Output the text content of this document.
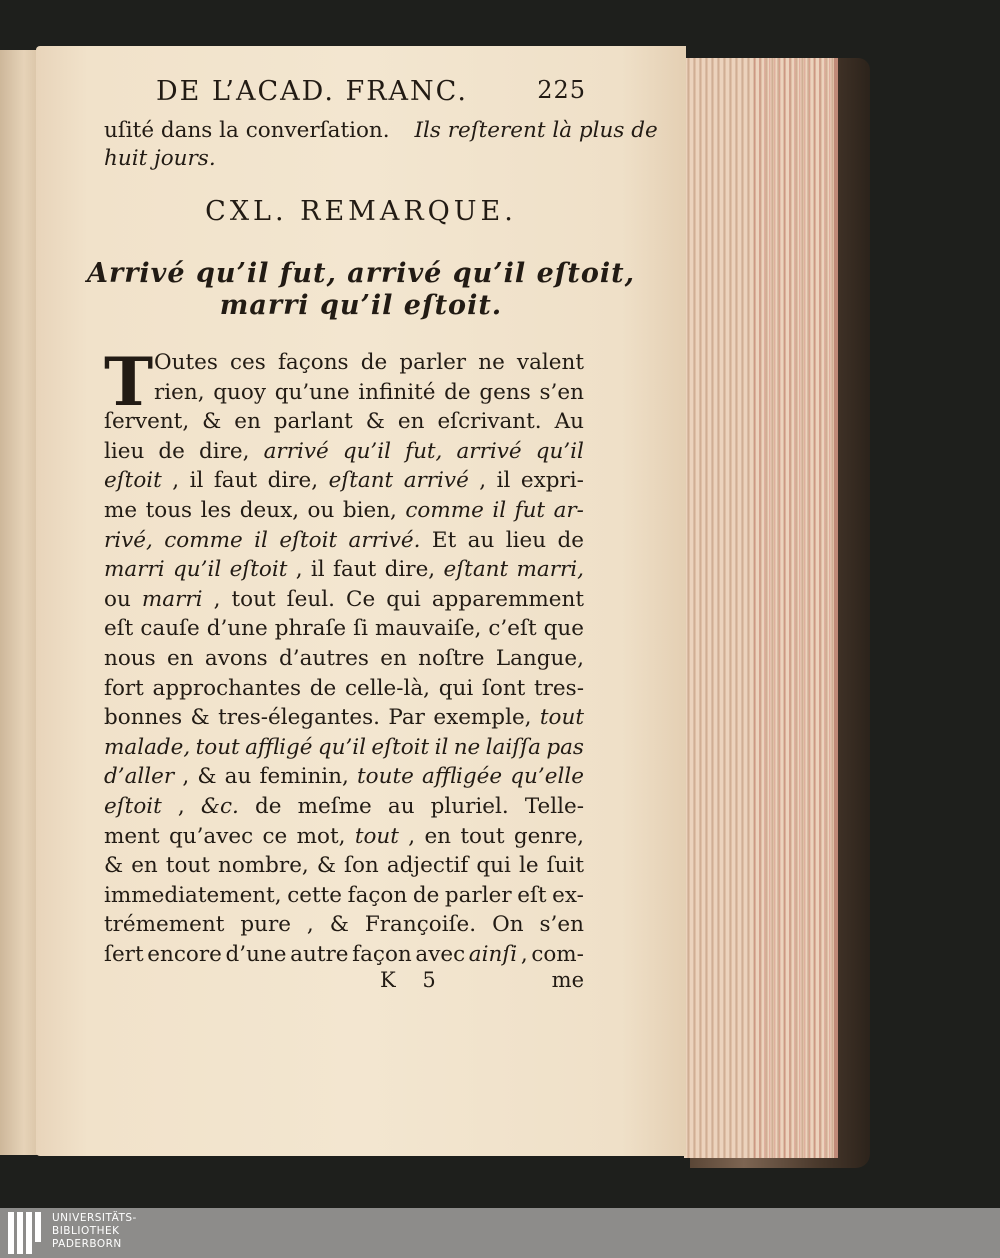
DE L’ACAD. FRANC.	225
uſité dans la converſation. Ils reſterent là plus de
huit jours.
CXL. REMARQUE.
Arrivé qu’il fut, arrivé qu’il eſtoit,
marri qu’il eſtoit.
T Outes ces façons de parler ne valent
rien, quoy qu’une infinité de gens s’en
ſervent, & en parlant & en eſcrivant. Au
lieu de dire, arrivé qu’il fut, arrivé qu’il
eſtoit , il faut dire, eſtant arrivé , il expri-
me tous les deux, ou bien, comme il fut ar-
rivé, comme il eſtoit arrivé. Et au lieu de
marri qu’il eſtoit , il faut dire, eſtant marri,
ou marri , tout ſeul. Ce qui apparemment
eſt cauſe d’une phraſe ſi mauvaiſe, c’eſt que
nous en avons d’autres en noſtre Langue,
fort approchantes de celle-là, qui ſont tres-
bonnes & tres-élegantes. Par exemple, tout
malade, tout affligé qu’il eſtoit il ne laiſſa pas
d’aller , & au feminin, toute affligée qu’elle
eſtoit , &c. de meſme au pluriel. Telle-
ment qu’avec ce mot, tout , en tout genre,
& en tout nombre, & ſon adjectif qui le ſuit
immediatement, cette façon de parler eſt ex-
trémement pure , & Françoiſe. On s’en
ſert encore d’une autre façon avec ainſi , com-
K 5	me
UNIVERSITÄTS-
BIBLIOTHEK
PADERBORN
